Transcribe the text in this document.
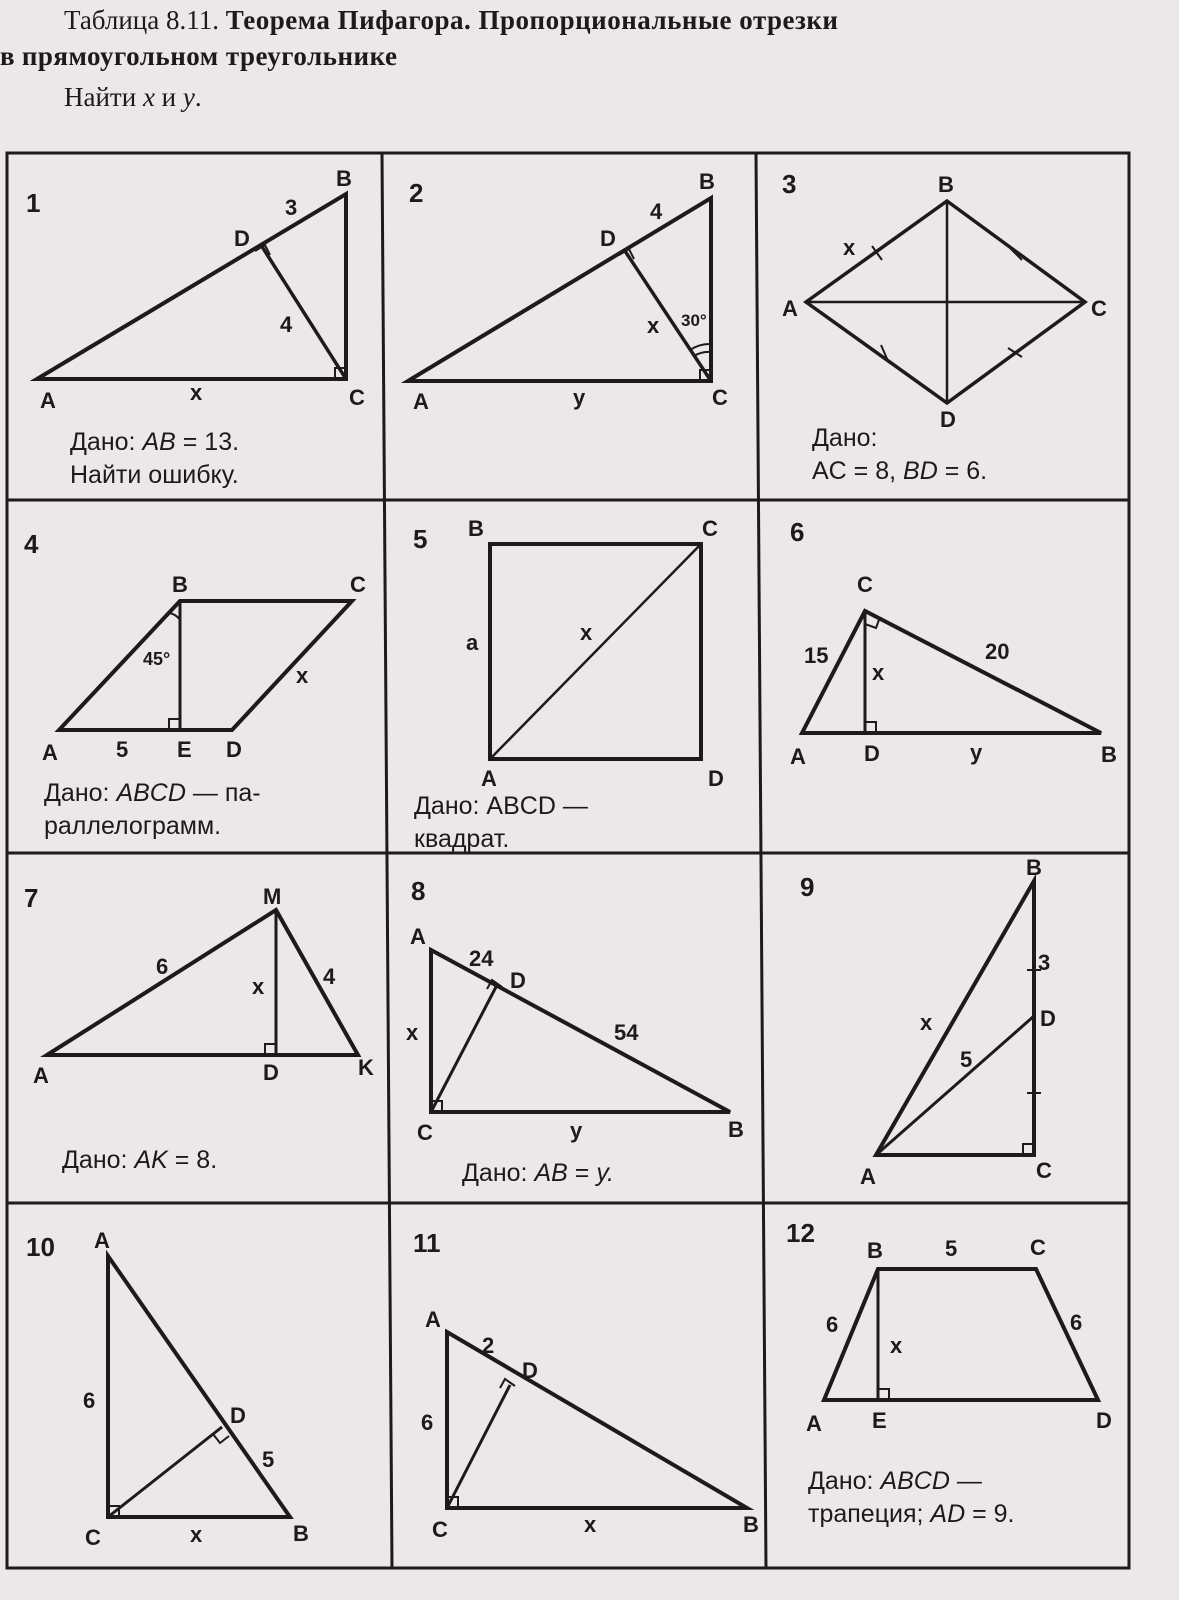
Таблица 8.11. Теорема Пифагора. Пропорциональные отрезки
в прямоугольном треугольнике
Найти x и y.
1
A
B
C
D
3
4
x
2
A
B
C
D
4
x 30°
y
3
A
B
C
D
x
4
A
B	C
D
E
5
45°
x
5
A
B	C
D
a	x
6
A	B
C
D
15	20
x
y
7
A
M
K
D
6	4
x
8
A
B
C
D
24
54
x
y
9
A
B
C
D
3
5
x
10 A
B
C
D
6
5
x
11
A
B
C
D
2
6
x
12
A
B	C
D
E
5
6	6
x
Дано: AB = 13.
Найти ошибку.
Дано:
AC = 8, BD = 6.
Дано: ABCD — па-
раллелограмм.
Дано: ABCD —
квадрат.
Дано: AK = 8.	Дано: AB = y.
Дано: ABCD —
трапеция; AD = 9.
